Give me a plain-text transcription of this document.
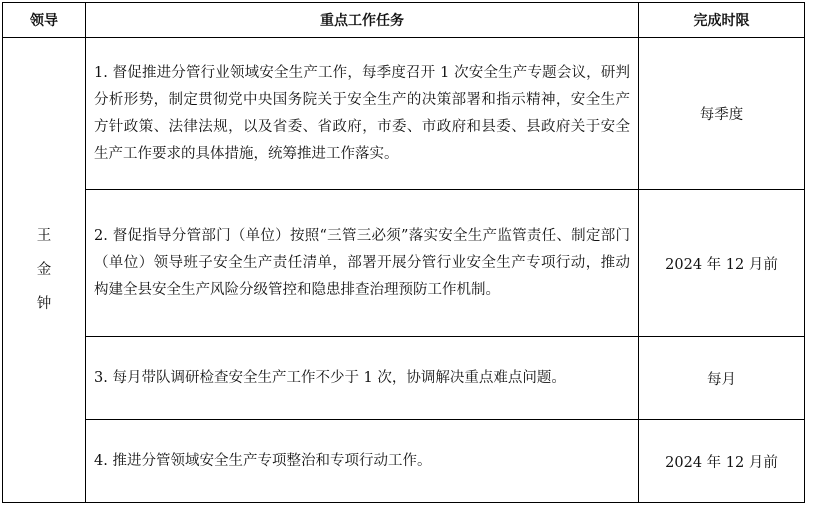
领导	重点工作任务	完成时限

王
金
钟	1. 督促推进分管行业领域安全生产工作，每季度召开 1 次安全生产专题会议，研判分析形势，制定贯彻党中央国务院关于安全生产的决策部署和指示精神，安全生产方针政策、法律法规，以及省委、省政府，市委、市政府和县委、县政府关于安全生产工作要求的具体措施，统筹推进工作落实。	每季度
	2. 督促指导分管部门（单位）按照“三管三必须”落实安全生产监管责任、制定部门（单位）领导班子安全生产责任清单，部署开展分管行业安全生产专项行动，推动构建全县安全生产风险分级管控和隐患排查治理预防工作机制。	2024 年 12 月前
	3. 每月带队调研检查安全生产工作不少于 1 次，协调解决重点难点问题。	每月
	4. 推进分管领域安全生产专项整治和专项行动工作。	2024 年 12 月前
